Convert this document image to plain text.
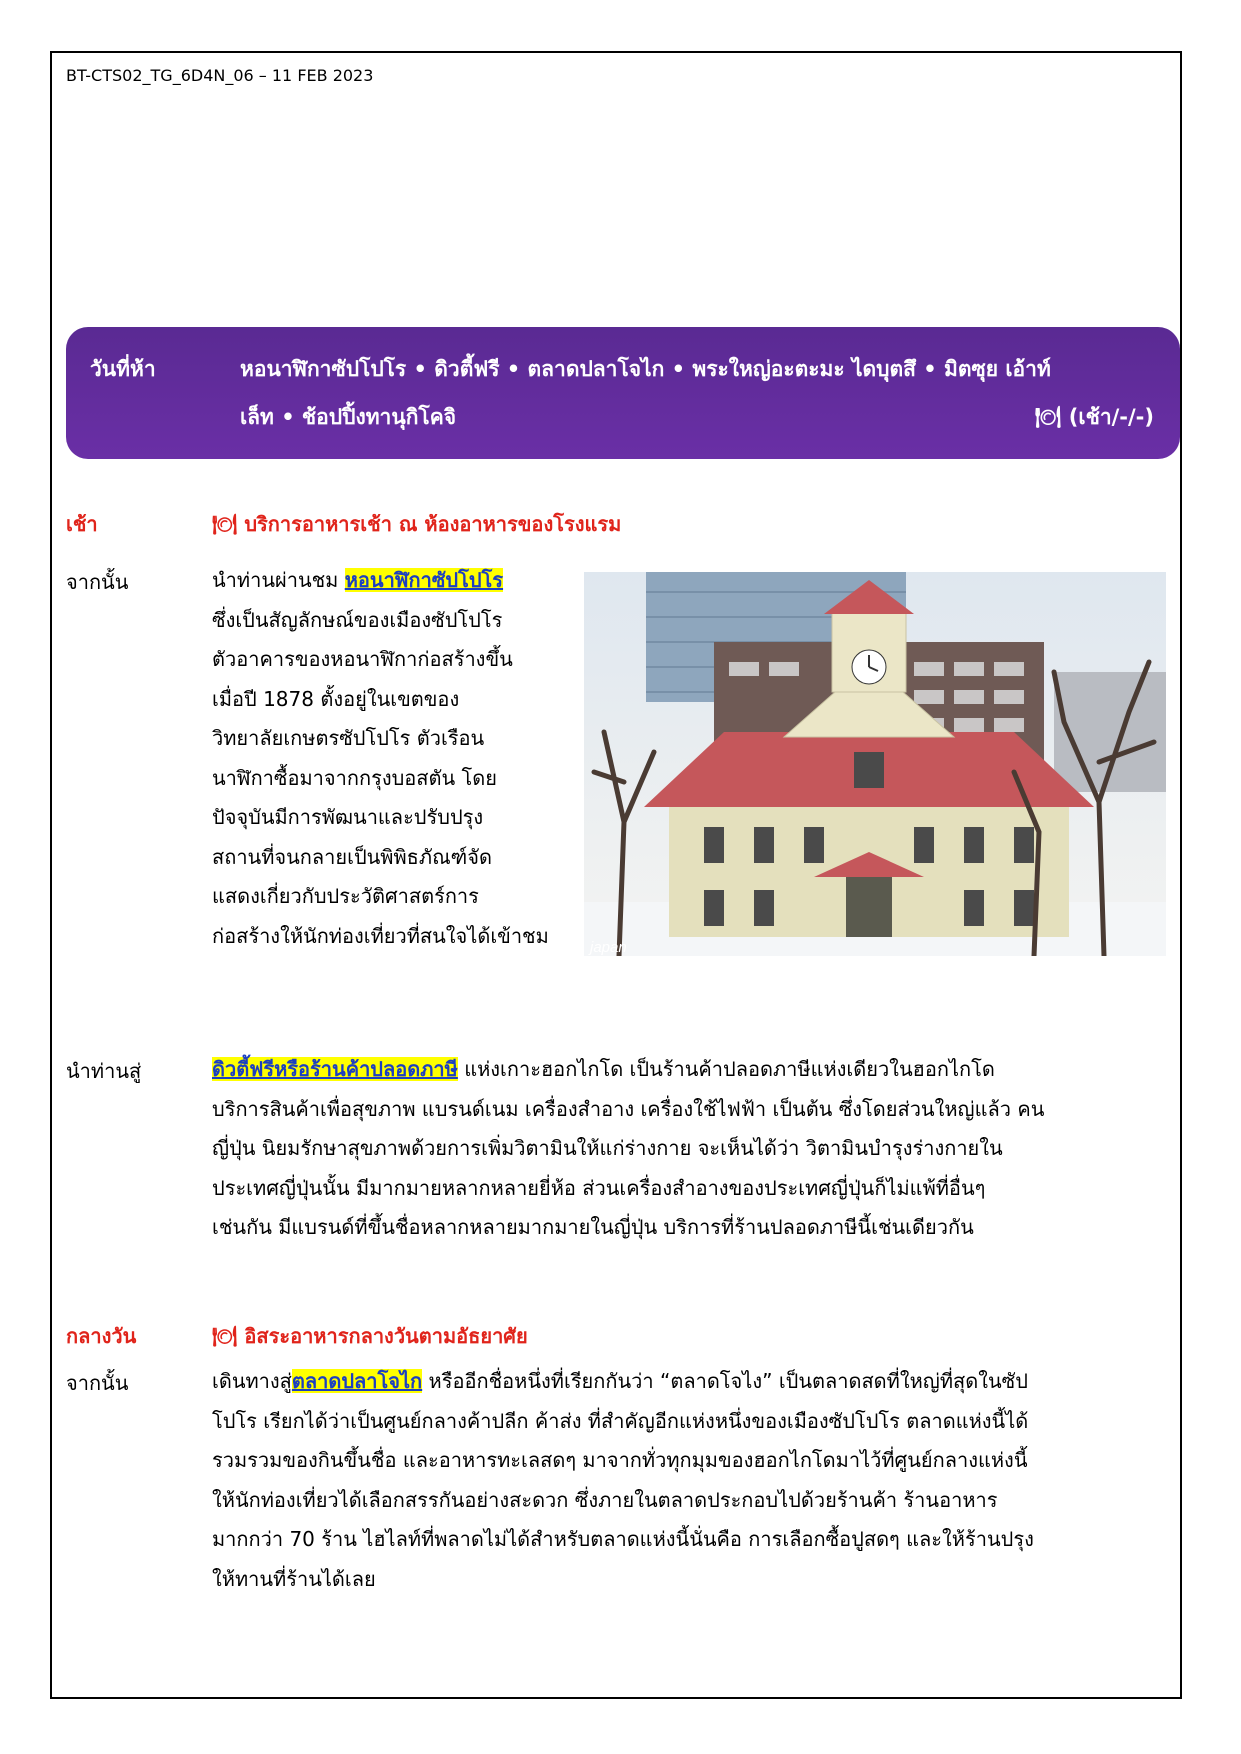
BT-CTS02_TG_6D4N_06 – 11 FEB 2023
วันที่ห้า	หอนาฬิกาซัปโปโร • ดิวตี้ฟรี • ตลาดปลาโจไก • พระใหญ่อะตะมะ ไดบุตสึ • มิตซุย เอ้าท์
เล็ท • ช้อปปิ้งทานุกิโคจิ	🍽 (เช้า/-/-)
เช้า	🍽 บริการอาหารเช้า ณ ห้องอาหารของโรงแรม
จากนั้น	นำท่านผ่านชม หอนาฬิกาซัปโปโร
ซึ่งเป็นสัญลักษณ์ของเมืองซัปโปโร
ตัวอาคารของหอนาฬิกาก่อสร้างขึ้น
เมื่อปี 1878 ตั้งอยู่ในเขตของ
วิทยาลัยเกษตรซัปโปโร ตัวเรือน
นาฬิกาซื้อมาจากกรุงบอสตัน โดย
ปัจจุบันมีการพัฒนาและปรับปรุง
สถานที่จนกลายเป็นพิพิธภัณฑ์จัด
แสดงเกี่ยวกับประวัติศาสตร์การ
ก่อสร้างให้นักท่องเที่ยวที่สนใจได้เข้าชม	japan
นำท่านสู่	ดิวตี้ฟรีหรือร้านค้าปลอดภาษี แห่งเกาะฮอกไกโด เป็นร้านค้าปลอดภาษีแห่งเดียวในฮอกไกโด
บริการสินค้าเพื่อสุขภาพ แบรนด์เนม เครื่องสำอาง เครื่องใช้ไฟฟ้า เป็นต้น ซึ่งโดยส่วนใหญ่แล้ว คน
ญี่ปุ่น นิยมรักษาสุขภาพด้วยการเพิ่มวิตามินให้แก่ร่างกาย จะเห็นได้ว่า วิตามินบำรุงร่างกายใน
ประเทศญี่ปุ่นนั้น มีมากมายหลากหลายยี่ห้อ ส่วนเครื่องสำอางของประเทศญี่ปุ่นก็ไม่แพ้ที่อื่นๆ
เช่นกัน มีแบรนด์ที่ขึ้นชื่อหลากหลายมากมายในญี่ปุ่น บริการที่ร้านปลอดภาษีนี้เช่นเดียวกัน
กลางวัน	🍽 อิสระอาหารกลางวันตามอัธยาศัย
จากนั้น	เดินทางสู่ตลาดปลาโจไก หรืออีกชื่อหนึ่งที่เรียกกันว่า “ตลาดโจไง” เป็นตลาดสดที่ใหญ่ที่สุดในซัป
โปโร เรียกได้ว่าเป็นศูนย์กลางค้าปลีก ค้าส่ง ที่สำคัญอีกแห่งหนึ่งของเมืองซัปโปโร ตลาดแห่งนี้ได้
รวมรวมของกินขึ้นชื่อ และอาหารทะเลสดๆ มาจากทั่วทุกมุมของฮอกไกโดมาไว้ที่ศูนย์กลางแห่งนี้
ให้นักท่องเที่ยวได้เลือกสรรกันอย่างสะดวก ซึ่งภายในตลาดประกอบไปด้วยร้านค้า ร้านอาหาร
มากกว่า 70 ร้าน ไฮไลท์ที่พลาดไม่ได้สำหรับตลาดแห่งนี้นั่นคือ การเลือกซื้อปูสดๆ และให้ร้านปรุง
ให้ทานที่ร้านได้เลย
